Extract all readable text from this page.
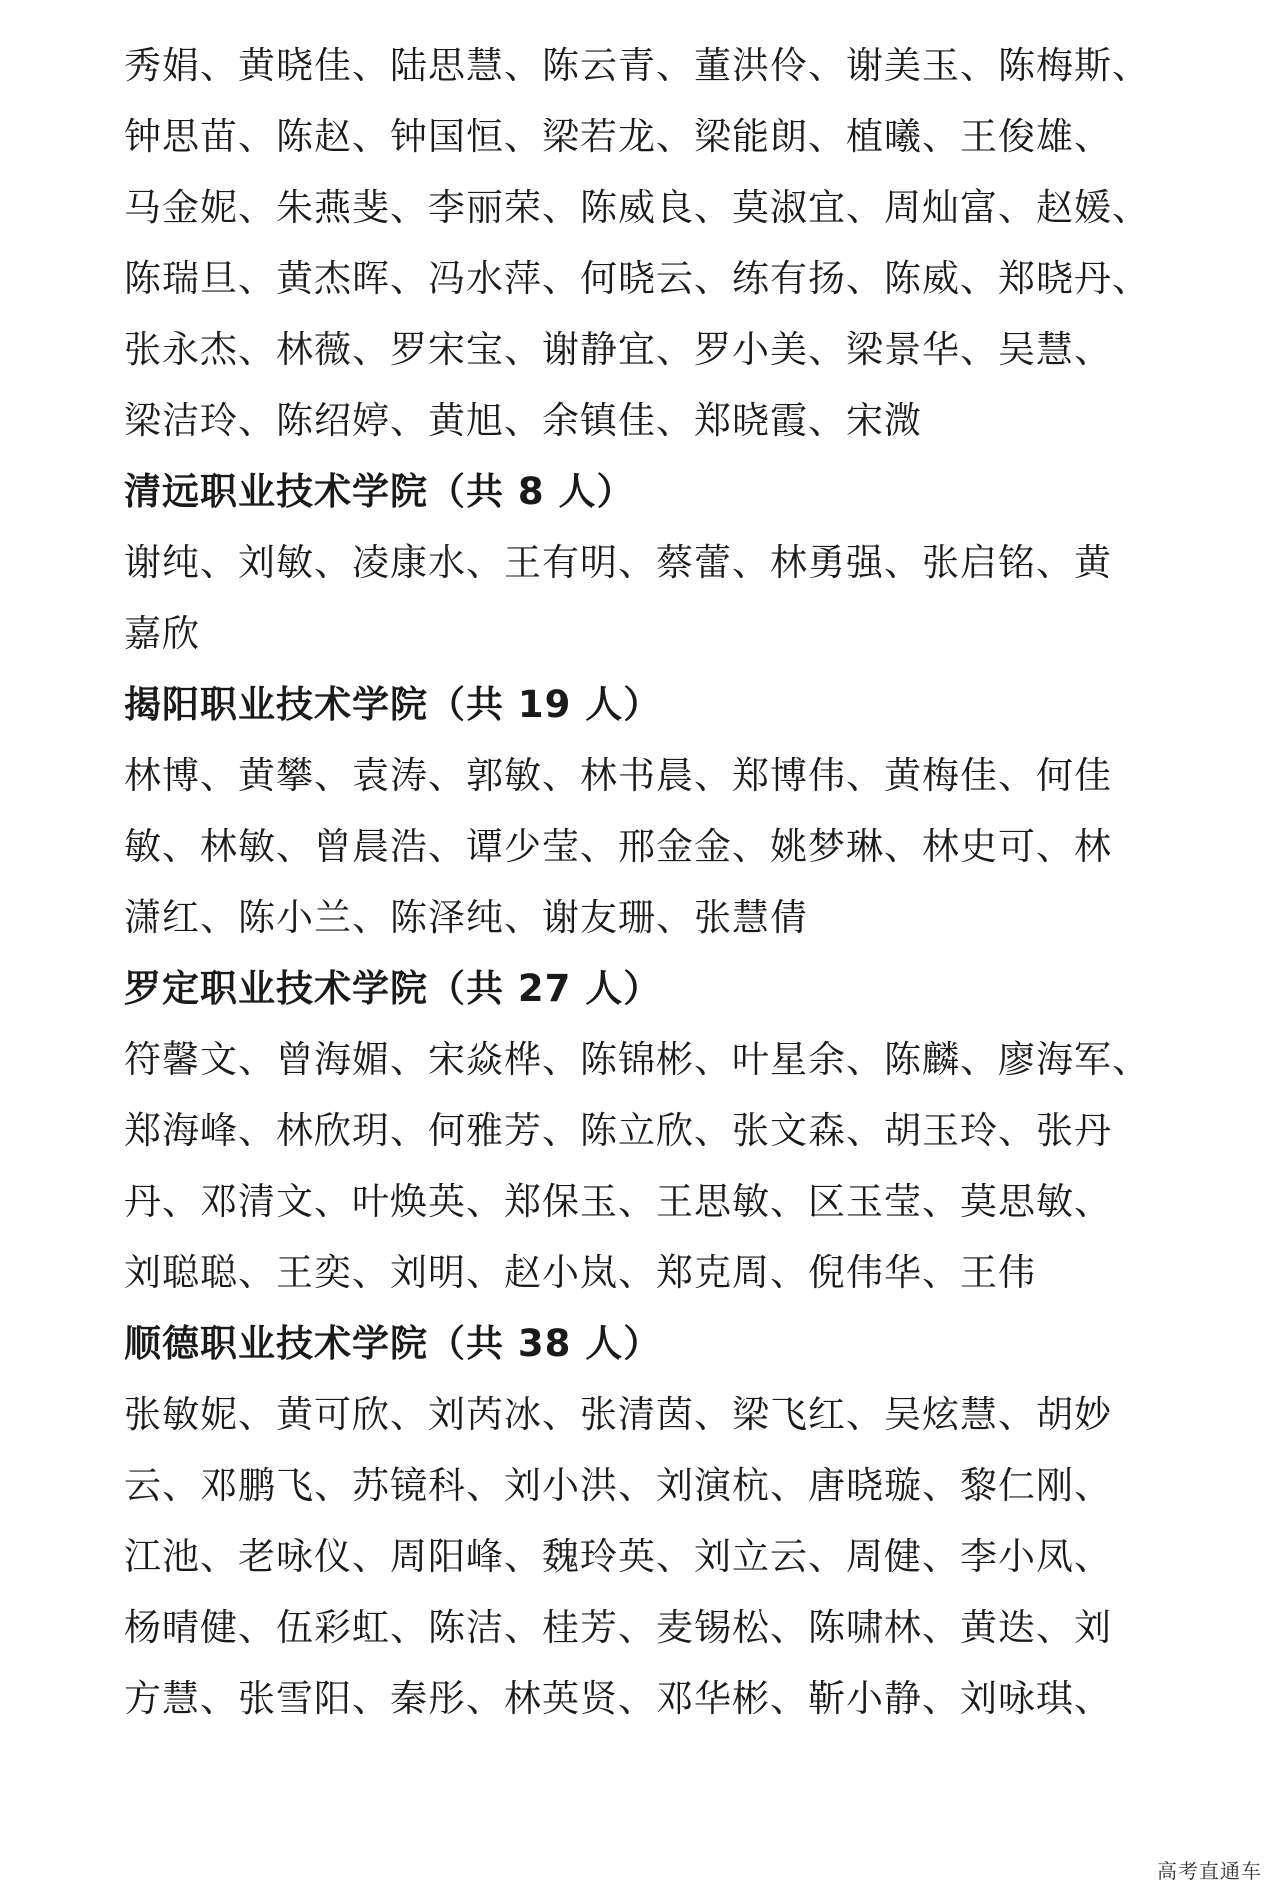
秀娟、黄晓佳、陆思慧、陈云青、董洪伶、谢美玉、陈梅斯、
钟思苗、陈赵、钟国恒、梁若龙、梁能朗、植曦、王俊雄、
马金妮、朱燕斐、李丽荣、陈威良、莫淑宜、周灿富、赵媛、
陈瑞旦、黄杰晖、冯水萍、何晓云、练有扬、陈威、郑晓丹、
张永杰、林薇、罗宋宝、谢静宜、罗小美、梁景华、吴慧、
梁洁玲、陈绍婷、黄旭、余镇佳、郑晓霞、宋溦
清远职业技术学院（共 8 人）
谢纯、刘敏、凌康水、王有明、蔡蕾、林勇强、张启铭、黄
嘉欣
揭阳职业技术学院（共 19 人）
林博、黄攀、袁涛、郭敏、林书晨、郑博伟、黄梅佳、何佳
敏、林敏、曾晨浩、谭少莹、邢金金、姚梦琳、林史可、林
潇红、陈小兰、陈泽纯、谢友珊、张慧倩
罗定职业技术学院（共 27 人）
符馨文、曾海媚、宋焱桦、陈锦彬、叶星余、陈麟、廖海军、
郑海峰、林欣玥、何雅芳、陈立欣、张文森、胡玉玲、张丹
丹、邓清文、叶焕英、郑保玉、王思敏、区玉莹、莫思敏、
刘聪聪、王奕、刘明、赵小岚、郑克周、倪伟华、王伟
顺德职业技术学院（共 38 人）
张敏妮、黄可欣、刘芮冰、张清茵、梁飞红、吴炫慧、胡妙
云、邓鹏飞、苏镜科、刘小洪、刘演杭、唐晓璇、黎仁刚、
江池、老咏仪、周阳峰、魏玲英、刘立云、周健、李小凤、
杨晴健、伍彩虹、陈洁、桂芳、麦锡松、陈啸林、黄迭、刘
方慧、张雪阳、秦彤、林英贤、邓华彬、靳小静、刘咏琪、
高考直通车
